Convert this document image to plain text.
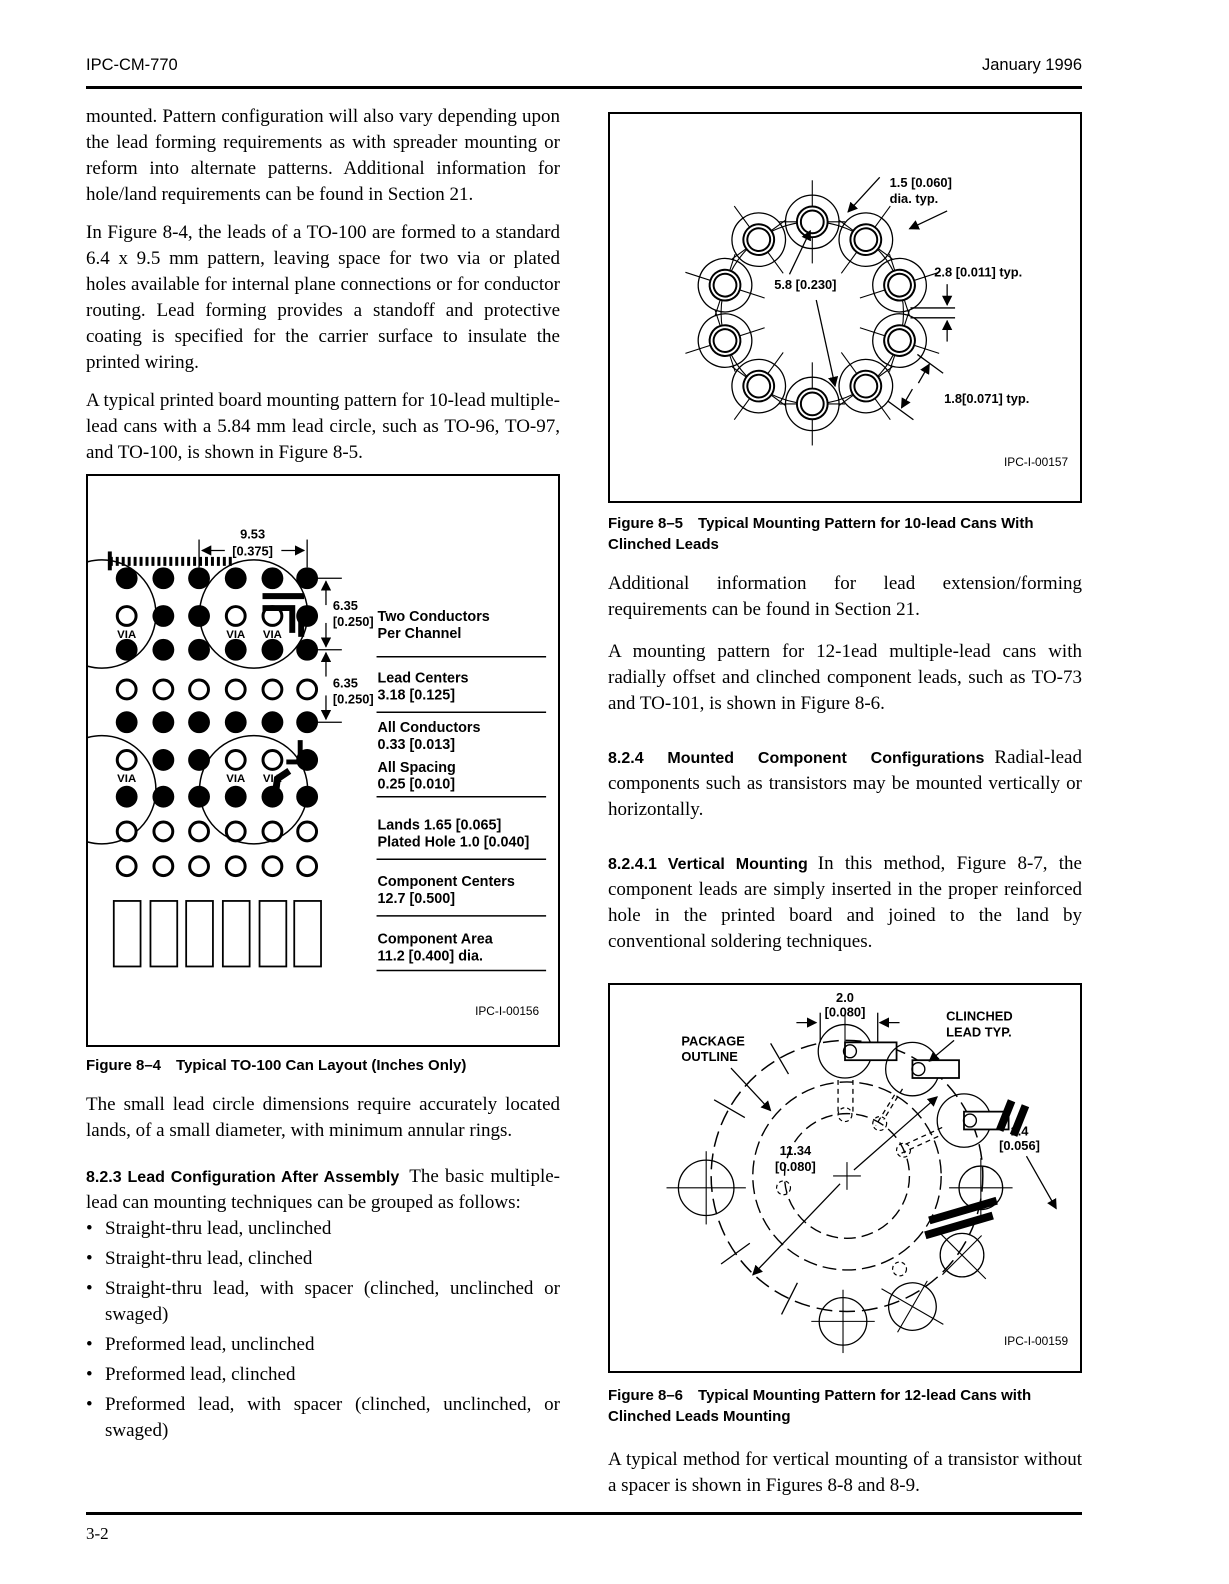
IPC-CM-770	January 1996

mounted. Pattern configuration will also vary depending upon the lead forming requirements as with spreader mounting or reform into alternate patterns. Additional information for hole/land requirements can be found in Section 21.

In Figure 8-4, the leads of a TO-100 are formed to a standard 6.4 x 9.5 mm pattern, leaving space for two via or plated holes available for internal plane connections or for conductor routing. Lead forming provides a standoff and protective coating is specified for the carrier surface to insulate the printed wiring.

A typical printed board mounting pattern for 10-lead multiple- lead cans with a 5.84 mm lead circle, such as TO-96, TO-97, and TO-100, is shown in Figure 8-5.

VIA	VIA VIA
VIA	VIA VIA
9.53
[0.375]
6.35
[0.250]
6.35
[0.250]
Two Conductors
Per Channel
Lead Centers
3.18 [0.125]
All Conductors
0.33 [0.013]
All Spacing
0.25 [0.010]
Lands 1.65 [0.065]
Plated Hole 1.0 [0.040]
Component Centers
12.7 [0.500]
Component Area
11.2 [0.400] dia.
IPC-I-00156

Figure 8–4 Typical TO-100 Can Layout (Inches Only)

The small lead circle dimensions require accurately located lands, of a small diameter, with minimum annular rings.

8.2.3 Lead Configuration After Assembly The basic multiple- lead can mounting techniques can be grouped as follows:

• Straight-thru lead, unclinched
• Straight-thru lead, clinched
• Straight-thru lead, with spacer (clinched, unclinched or swaged)
• Preformed lead, unclinched
• Preformed lead, clinched
• Preformed lead, with spacer (clinched, unclinched, or swaged)
1.5 [0.060]
dia. typ.
5.8 [0.230]
2.8 [0.011] typ.
1.8[0.071] typ.
IPC-I-00157

Figure 8–5 Typical Mounting Pattern for 10-lead Cans With Clinched Leads

Additional information for lead extension/forming requirements can be found in Section 21.

A mounting pattern for 12-1ead multiple-lead cans with radially offset and clinched component leads, such as TO-73 and TO-101, is shown in Figure 8-6.

8.2.4 Mounted Component Configurations Radial-lead components such as transistors may be mounted vertically or horizontally.

8.2.4.1 Vertical Mounting In this method, Figure 8-7, the component leads are simply inserted in the proper reinforced hole in the printed board and joined to the land by conventional soldering techniques.

11.34
[0.080]
2.0
[0.080]	CLINCHED
LEAD TYP.
PACKAGE
OUTLINE
1.4
[0.056]
IPC-I-00159

Figure 8–6 Typical Mounting Pattern for 12-lead Cans with Clinched Leads Mounting

A typical method for vertical mounting of a transistor without a spacer is shown in Figures 8-8 and 8-9.

3-2
